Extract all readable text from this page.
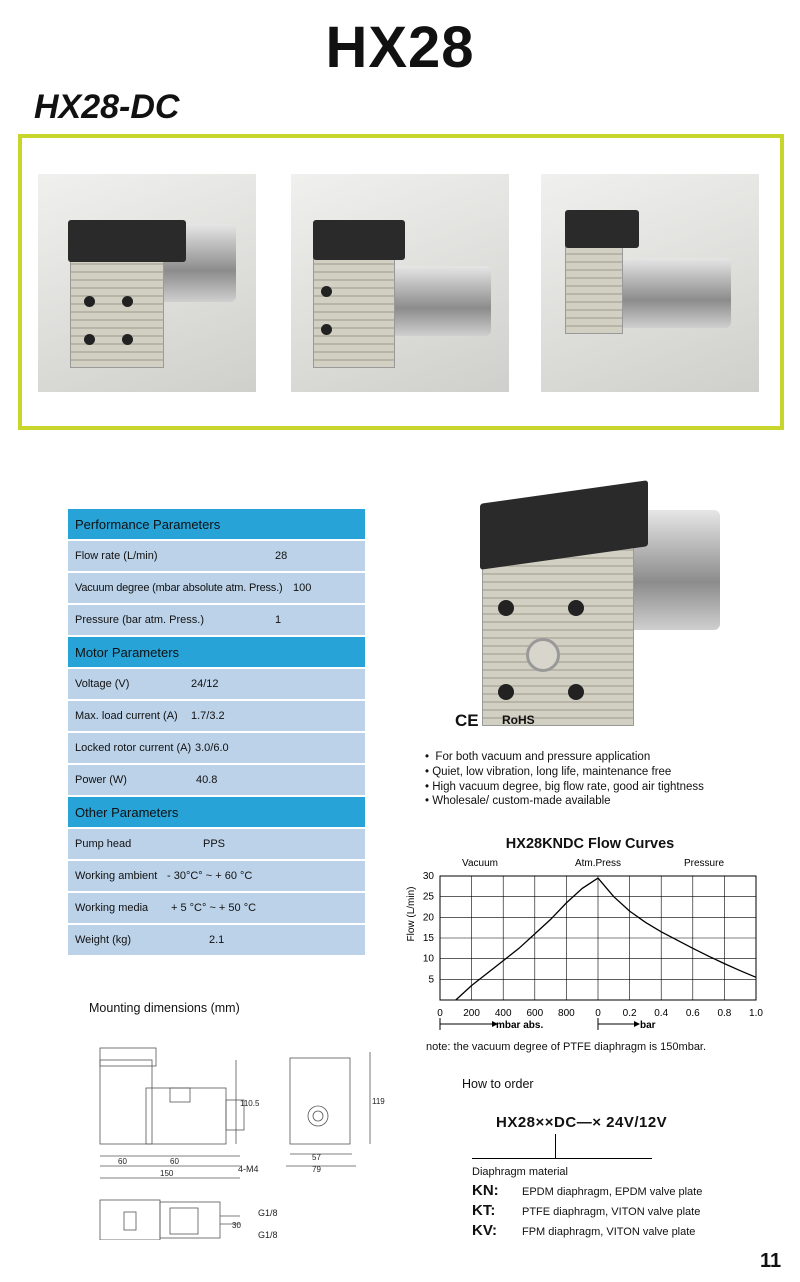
HX28
HX28-DC
Performance Parameters
Flow rate (L/min)	28
Vacuum degree (mbar absolute atm. Press.) 100
Pressure (bar atm. Press.)	1
Motor Parameters
Voltage (V)	24/12
Max. load current (A) 1.7/3.2
Locked rotor current (A) 3.0/6.0
Power (W)	40.8
Other Parameters
Pump head	PPS
Working ambient - 30°C° ~ + 60 °C
Working media + 5 °C° ~ + 50 °C
Weight (kg)	2.1
CE RoHS
•  For both vacuum and pressure application
• Quiet, low vibration, long life, maintenance free
• High vacuum degree, big flow rate, good air tightness
• Wholesale/ custom-made available
HX28KNDC Flow Curves
Vacuum	Atm.Press	Pressure
Flow (L/min)
5
10
15
20
25
30
0 200 400 600 800 0 0.2 0.4 0.6 0.8 1.0
mbar abs.	bar
note: the vacuum degree of PTFE diaphragm is 150mbar.
Mounting dimensions (mm)
60	60
150
110.5
4-M4
57
79
119
G1/8
30
G1/8
How to order
HX28××DC—× 24V/12V
Diaphragm material
KN: EPDM diaphragm, EPDM valve plate
KT: PTFE diaphragm, VITON valve plate
KV: FPM diaphragm, VITON valve plate
11
